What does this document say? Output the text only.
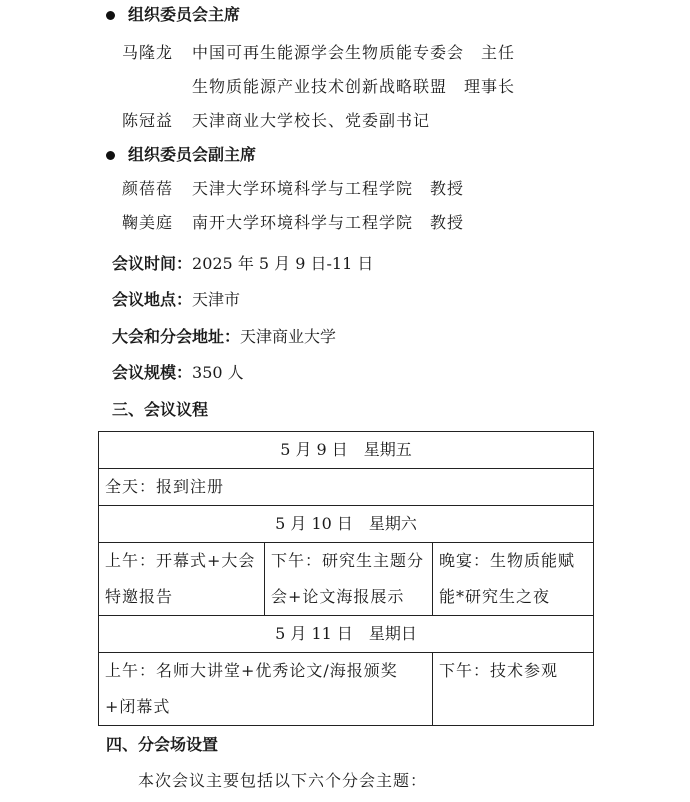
组织委员会主席
马隆龙 中国可再生能源学会生物质能专委会　主任
生物质能源产业技术创新战略联盟　理事长
陈冠益 天津商业大学校长、党委副书记
组织委员会副主席
颜蓓蓓 天津大学环境科学与工程学院　教授
鞠美庭 南开大学环境科学与工程学院　教授
会议时间：2025 年 5 月 9 日-11 日
会议地点：天津市
大会和分会地址：天津商业大学
会议规模：350 人
三、会议议程
5 月 9 日　星期五		
全天：报到注册		
5 月 10 日　星期六		
上午：开幕式+大会特邀报告	下午：研究生主题分会+论文海报展示	晚宴：生物质能赋能*研究生之夜
5 月 11 日　星期日		
上午：名师大讲堂+优秀论文/海报颁奖+闭幕式		下午：技术参观
四、分会场设置
本次会议主要包括以下六个分会主题：
